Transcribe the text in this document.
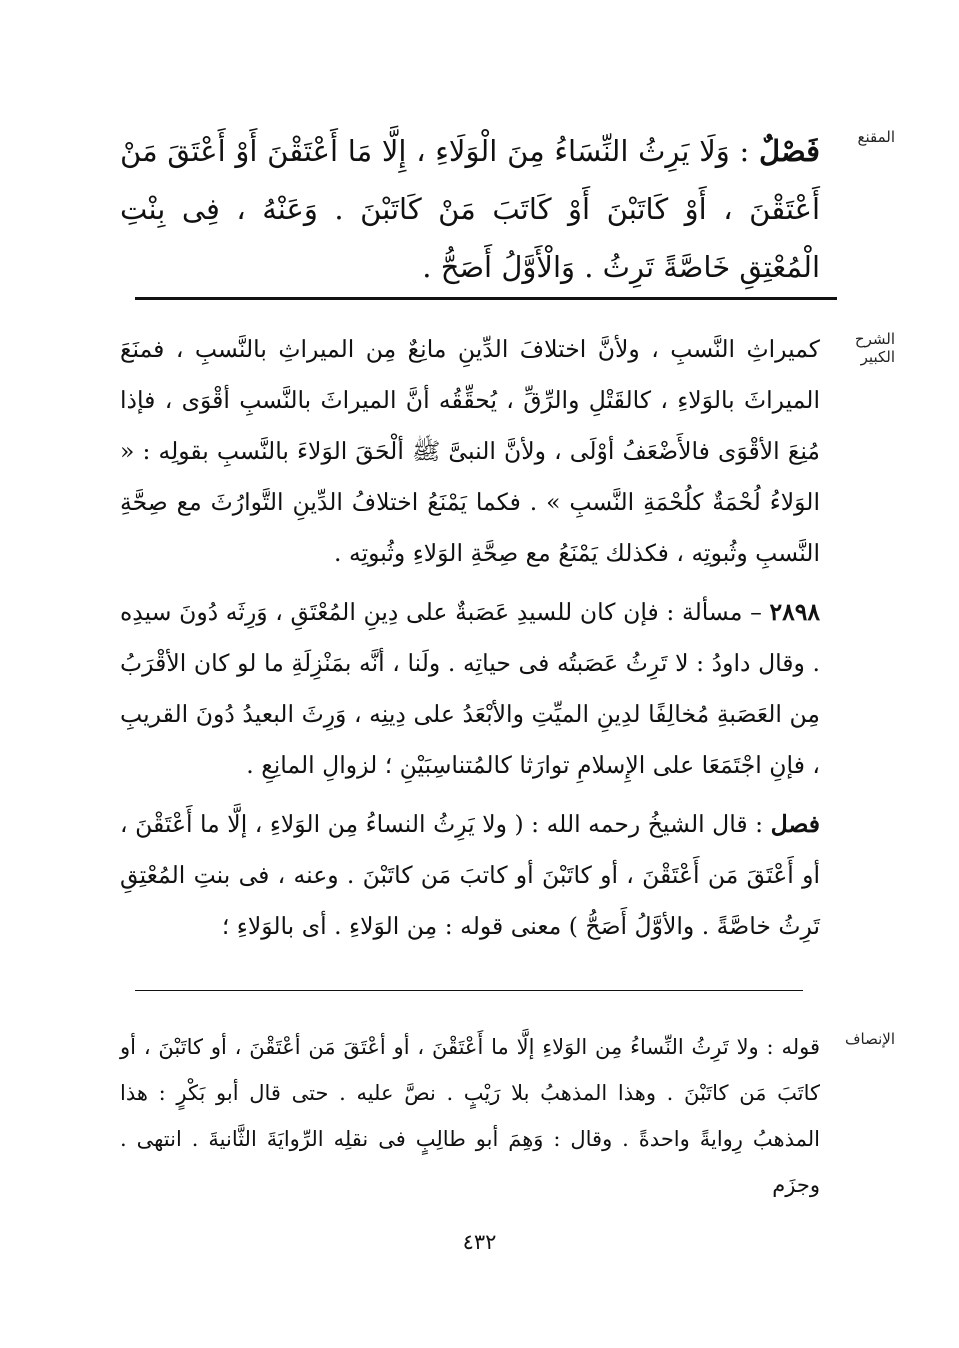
المقنع

فَصْلٌ : وَلَا يَرِثُ النِّسَاءُ مِنَ الْوَلَاءِ ، إِلَّا مَا أَعْتَقْنَ أَوْ أَعْتَقَ مَنْ أَعْتَقْنَ ، أَوْ كَاتَبْنَ أَوْ كَاتَبَ مَنْ كَاتَبْنَ . وَعَنْهُ ، فِى بِنْتِ الْمُعْتِقِ خَاصَّةً تَرِثُ . وَالْأَوَّلُ أَصَحُّ .

الشرح الكبير

كميراثِ النَّسبِ ، ولأنَّ اختلافَ الدِّينِ مانِعٌ مِن الميراثِ بالنَّسبِ ، فمنَعَ الميراثَ بالوَلاءِ ، كالقَتْلِ والرِّقِّ ، يُحقِّقُه أنَّ الميراثَ بالنَّسبِ أقْوَى ، فإذا مُنِعَ الأقْوَى فالأَضْعَفُ أوْلَى ، ولأنَّ النبىَّ ﷺ ألْحَقَ الوَلاءَ بالنَّسبِ بقولِه : « الوَلاءُ لُحْمَةٌ كلُحْمَةِ النَّسبِ » . فكما يَمْنَعُ اختلافُ الدِّينِ التَّوارُثَ مع صِحَّةِ النَّسبِ وثُبوتِه ، فكذلك يَمْنَعُ مع صِحَّةِ الوَلاءِ وثُبوتِه .

٢٨٩٨ – مسألة : فإن كان للسيدِ عَصَبةٌ على دِينِ المُعْتَقِ ، وَرِثَه دُونَ سيدِه . وقال داودُ : لا تَرِثُ عَصَبتُه فى حياتِه . ولَنا ، أنَّه بمَنْزِلَةِ ما لو كان الأقْرَبُ مِن العَصَبةِ مُخالِفًا لدِينِ الميِّتِ والأبْعَدُ على دِينِه ، وَرِثَ البعيدُ دُونَ القريبِ ، فإنِ اجْتَمَعَا على الإِسلامِ توارَثا كالمُتناسِبَيْنِ ؛ لزوالِ المانِعِ .

فصل : قال الشيخُ رحمه الله : ( ولا يَرِثُ النساءُ مِن الوَلاءِ ، إلَّا ما أَعْتَقْنَ ، أو أَعْتَقَ مَن أَعْتَقْنَ ، أو كاتَبْنَ أو كاتبَ مَن كاتَبْنَ . وعنه ، فى بنتِ المُعْتِقِ تَرِثُ خاصَّةً . والأوَّلُ أَصَحُّ ) معنى قوله : مِن الوَلاءِ . أى بالوَلاءِ ؛

الإنصاف

قوله : ولا تَرِثُ النِّساءُ مِن الوَلاءِ إلَّا ما أَعْتَقْنَ ، أو أعْتَقَ مَن أعْتَقْنَ ، أو كاتَبْنَ ، أو كاتَبَ مَن كاتَبْنَ . وهذا المذهبُ بلا رَيْبٍ . نصَّ عليه . حتى قال أبو بَكْرٍ : هذا المذهبُ رِوايةً واحدةً . وقال : وَهِمَ أبو طالِبٍ فى نقلِه الرِّوايَةَ الثَّانيةَ . انتهى . وجزَم

٤٣٢
